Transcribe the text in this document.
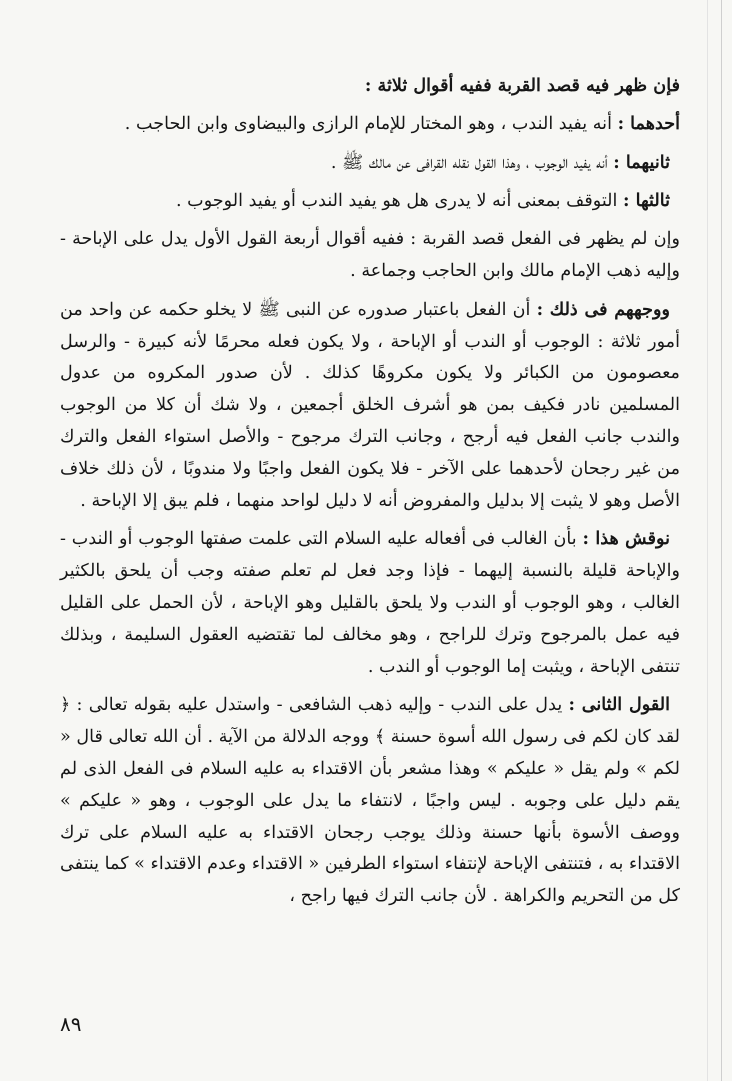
فإن ظهر فيه قصد القربة ففيه أقوال ثلاثة :

أحدهما : أنه يفيد الندب ، وهو المختار للإمام الرازى والبيضاوى وابن الحاجب .

ثانيهما : أنه يفيد الوجوب ، وهذا القول نقله القرافى عن مالك ﷺ .

ثالثها : التوقف بمعنى أنه لا يدرى هل هو يفيد الندب أو يفيد الوجوب .

وإن لم يظهر فى الفعل قصد القربة : ففيه أقوال أربعة القول الأول يدل على الإباحة - وإليه ذهب الإمام مالك وابن الحاجب وجماعة .

ووجههم فى ذلك : أن الفعل باعتبار صدوره عن النبى ﷺ لا يخلو حكمه عن واحد من أمور ثلاثة : الوجوب أو الندب أو الإباحة ، ولا يكون فعله محرمًا لأنه كبيرة - والرسل معصومون من الكبائر ولا يكون مكروهًا كذلك . لأن صدور المكروه من عدول المسلمين نادر فكيف بمن هو أشرف الخلق أجمعين ، ولا شك أن كلا من الوجوب والندب جانب الفعل فيه أرجح ، وجانب الترك مرجوح - والأصل استواء الفعل والترك من غير رجحان لأحدهما على الآخر - فلا يكون الفعل واجبًا ولا مندوبًا ، لأن ذلك خلاف الأصل وهو لا يثبت إلا بدليل والمفروض أنه لا دليل لواحد منهما ، فلم يبق إلا الإباحة .

نوقش هذا : بأن الغالب فى أفعاله عليه السلام التى علمت صفتها الوجوب أو الندب - والإباحة قليلة بالنسبة إليهما - فإذا وجد فعل لم تعلم صفته وجب أن يلحق بالكثير الغالب ، وهو الوجوب أو الندب ولا يلحق بالقليل وهو الإباحة ، لأن الحمل على القليل فيه عمل بالمرجوح وترك للراجح ، وهو مخالف لما تقتضيه العقول السليمة ، وبذلك تنتفى الإباحة ، ويثبت إما الوجوب أو الندب .

القول الثانى : يدل على الندب - وإليه ذهب الشافعى - واستدل عليه بقوله تعالى : ﴿ لقد كان لكم فى رسول الله أسوة حسنة ﴾ ووجه الدلالة من الآية . أن الله تعالى قال « لكم » ولم يقل « عليكم » وهذا مشعر بأن الاقتداء به عليه السلام فى الفعل الذى لم يقم دليل على وجوبه . ليس واجبًا ، لانتفاء ما يدل على الوجوب ، وهو « عليكم » ووصف الأسوة بأنها حسنة وذلك يوجب رجحان الاقتداء به عليه السلام على ترك الاقتداء به ، فتنتفى الإباحة لإنتفاء استواء الطرفين « الاقتداء وعدم الاقتداء » كما ينتفى كل من التحريم والكراهة . لأن جانب الترك فيها راجح ،

٨٩
